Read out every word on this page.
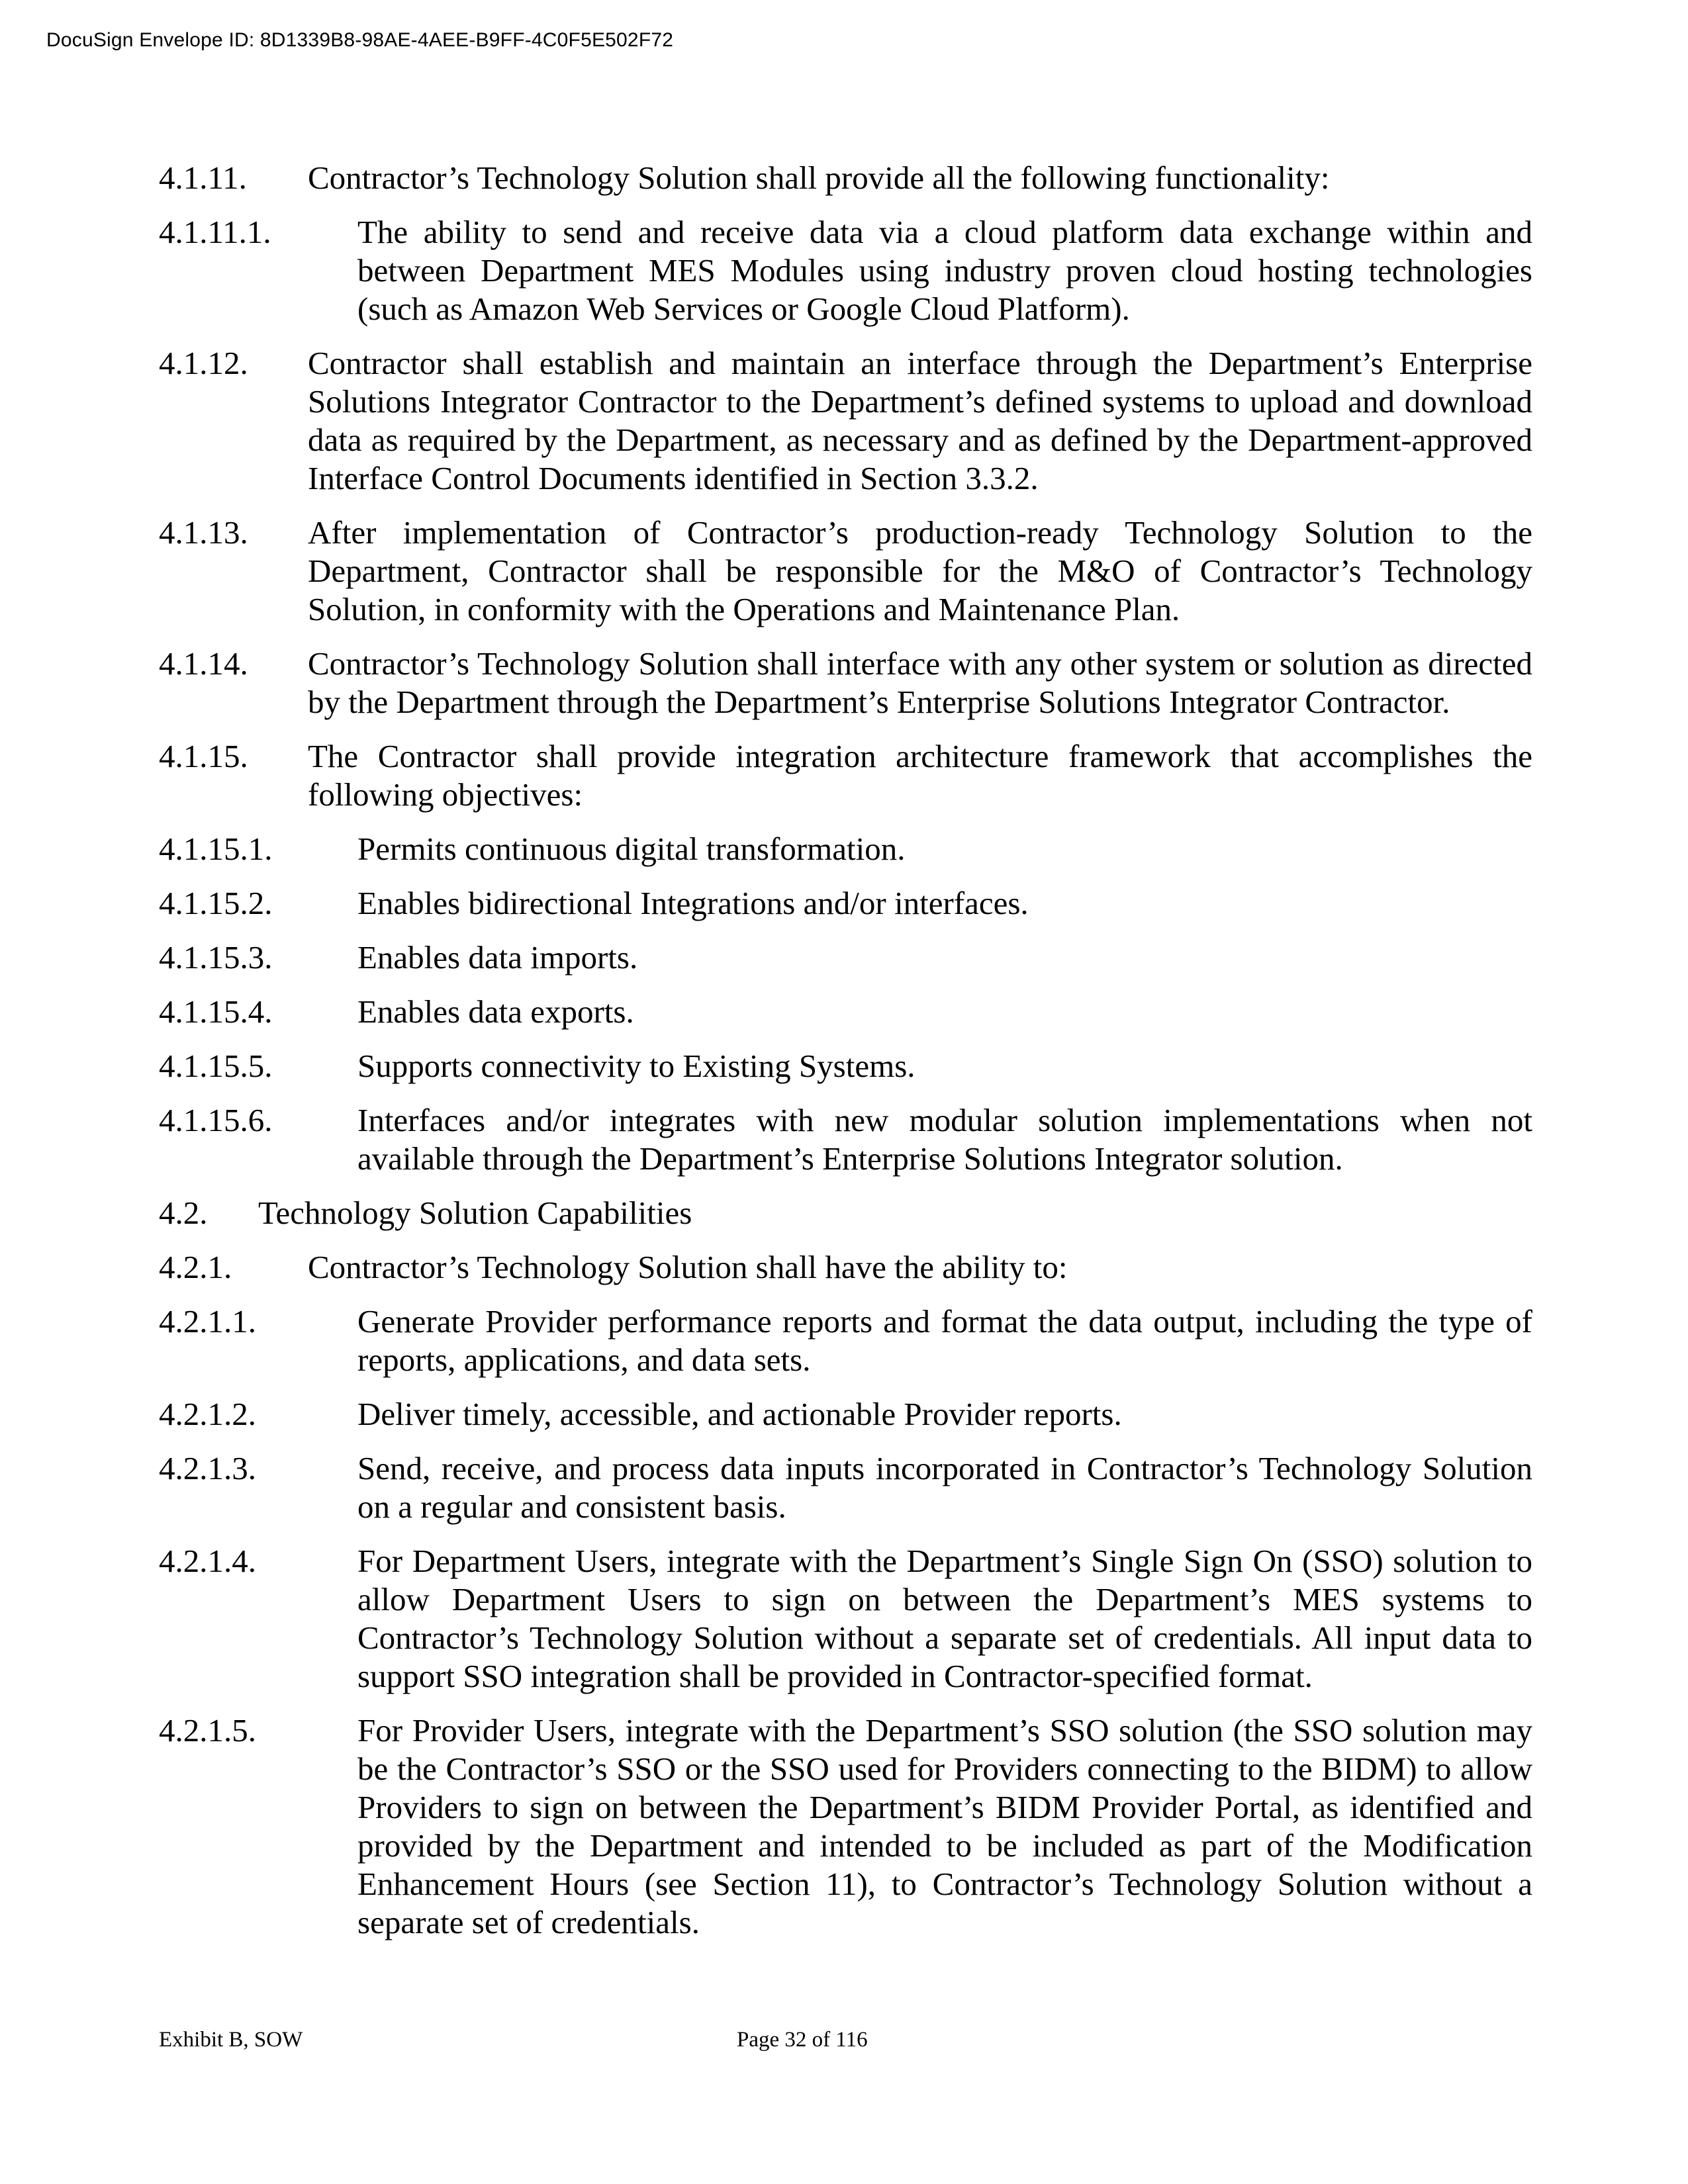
DocuSign Envelope ID: 8D1339B8-98AE-4AEE-B9FF-4C0F5E502F72
4.1.11. Contractor’s Technology Solution shall provide all the following functionality:
4.1.11.1.	The ability to send and receive data via a cloud platform data exchange within and between Department MES Modules using industry proven cloud hosting technologies (such as Amazon Web Services or Google Cloud Platform).
4.1.12. Contractor shall establish and maintain an interface through the Department’s Enterprise Solutions Integrator Contractor to the Department’s defined systems to upload and download data as required by the Department, as necessary and as defined by the Department-approved Interface Control Documents identified in Section 3.3.2.
4.1.13. After implementation of Contractor’s production-ready Technology Solution to the Department, Contractor shall be responsible for the M&O of Contractor’s Technology Solution, in conformity with the Operations and Maintenance Plan.
4.1.14. Contractor’s Technology Solution shall interface with any other system or solution as directed by the Department through the Department’s Enterprise Solutions Integrator Contractor.
4.1.15. The Contractor shall provide integration architecture framework that accomplishes the following objectives:
4.1.15.1.	Permits continuous digital transformation.
4.1.15.2.	Enables bidirectional Integrations and/or interfaces.
4.1.15.3.	Enables data imports.
4.1.15.4.	Enables data exports.
4.1.15.5.	Supports connectivity to Existing Systems.
4.1.15.6.	Interfaces and/or integrates with new modular solution implementations when not available through the Department’s Enterprise Solutions Integrator solution.
4.2. Technology Solution Capabilities
4.2.1. Contractor’s Technology Solution shall have the ability to:
4.2.1.1.	Generate Provider performance reports and format the data output, including the type of reports, applications, and data sets.
4.2.1.2.	Deliver timely, accessible, and actionable Provider reports.
4.2.1.3.	Send, receive, and process data inputs incorporated in Contractor’s Technology Solution on a regular and consistent basis.
4.2.1.4.	For Department Users, integrate with the Department’s Single Sign On (SSO) solution to allow Department Users to sign on between the Department’s MES systems to Contractor’s Technology Solution without a separate set of credentials. All input data to support SSO integration shall be provided in Contractor-specified format.
4.2.1.5.	For Provider Users, integrate with the Department’s SSO solution (the SSO solution may be the Contractor’s SSO or the SSO used for Providers connecting to the BIDM) to allow Providers to sign on between the Department’s BIDM Provider Portal, as identified and provided by the Department and intended to be included as part of the Modification Enhancement Hours (see Section 11), to Contractor’s Technology Solution without a separate set of credentials.
Exhibit B, SOW	Page 32 of 116
